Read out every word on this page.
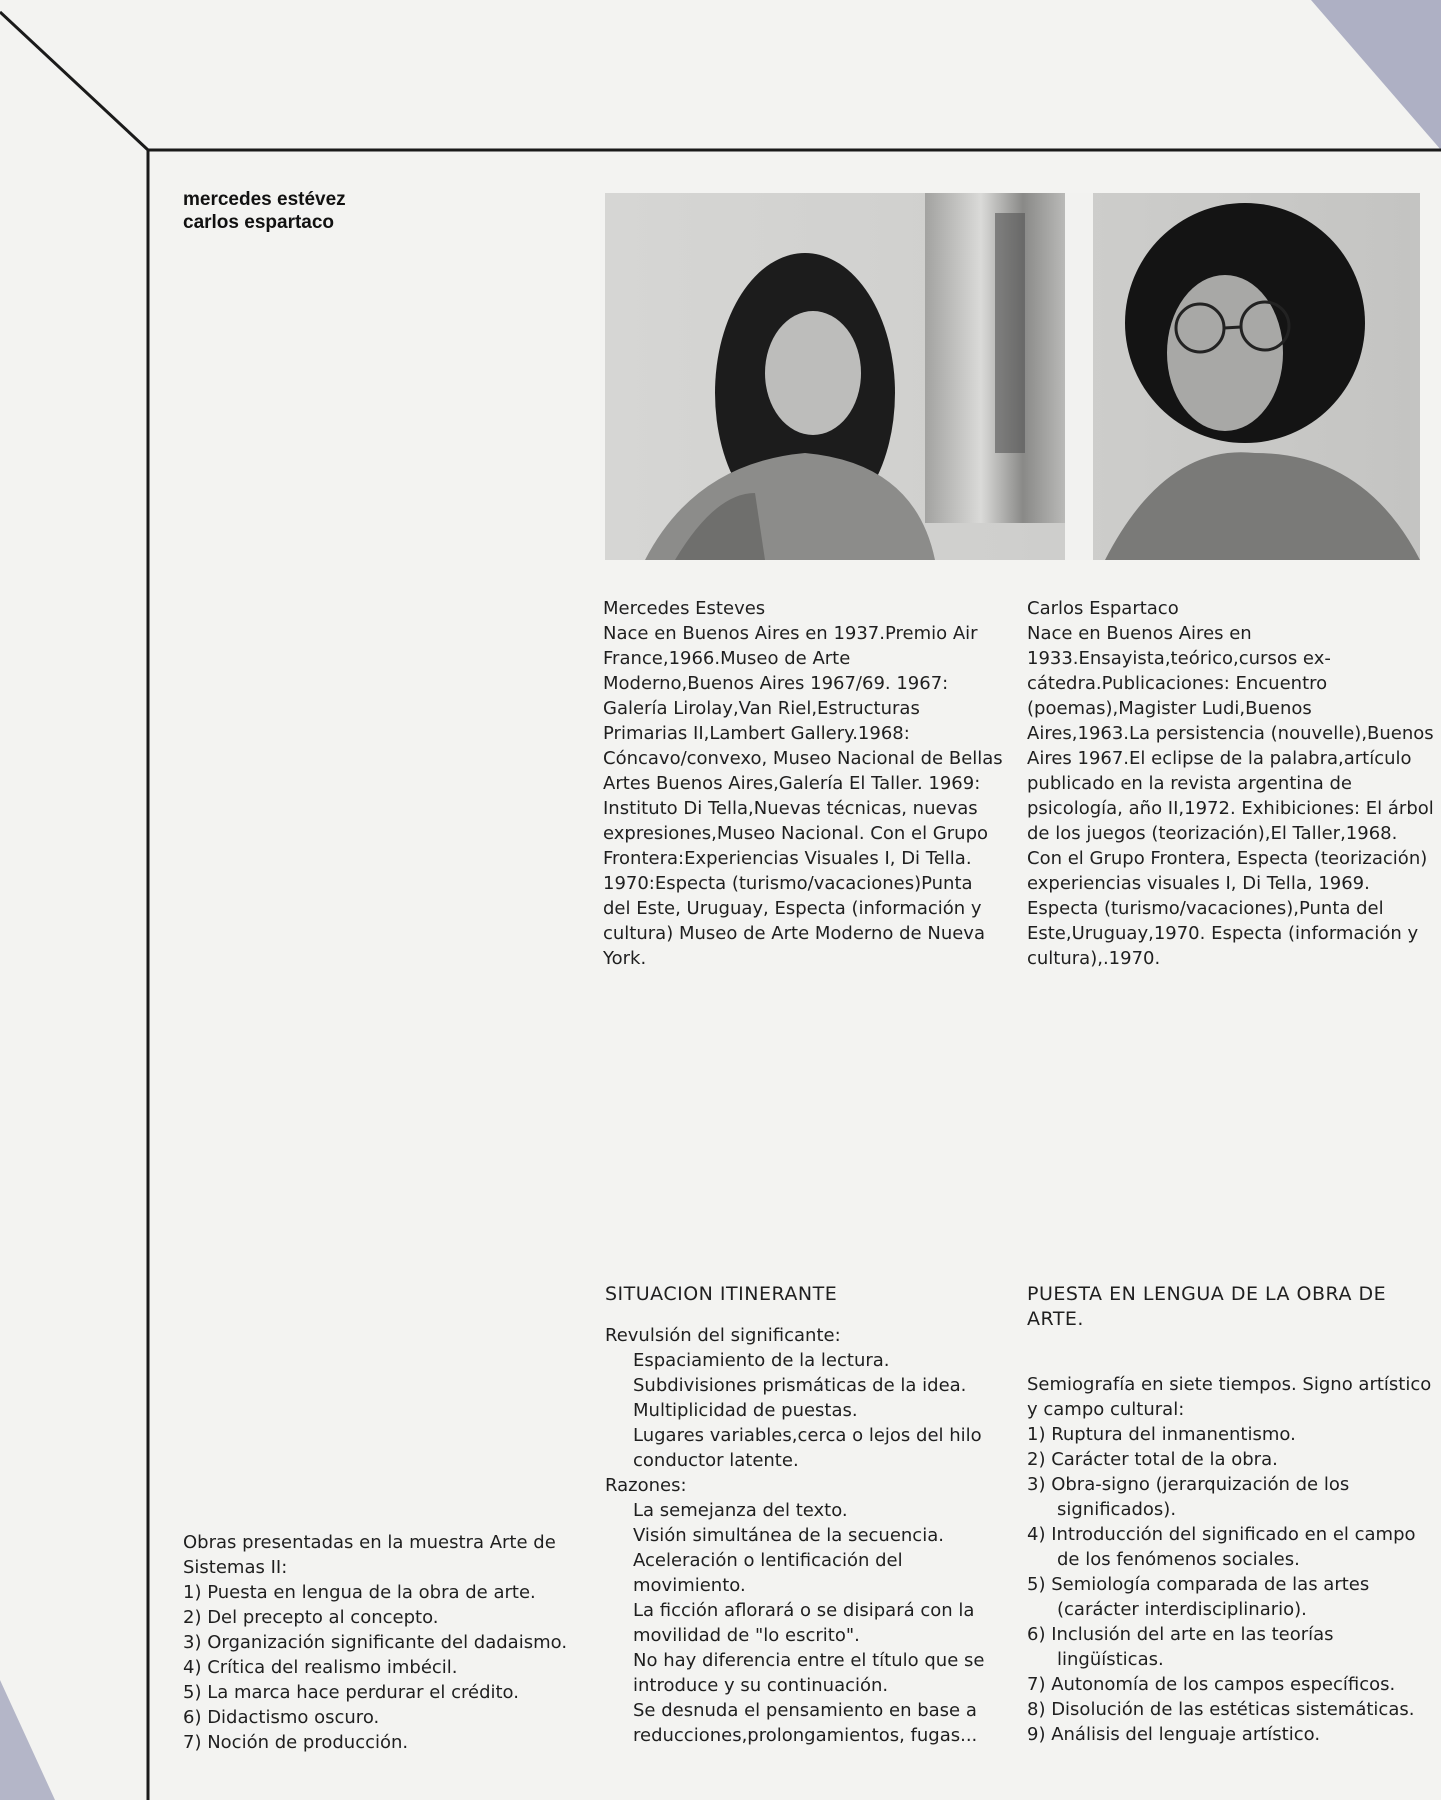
mercedes estévez
carlos espartaco

Mercedes Esteves

Nace en Buenos Aires en 1937.Premio Air France,1966.Museo de Arte Moderno,Buenos Aires 1967/69. 1967: Galería Lirolay,Van Riel,Estructuras Primarias II,Lambert Gallery.1968: Cóncavo/convexo, Museo Nacional de Bellas Artes Buenos Aires,Galería El Taller. 1969: Instituto Di Tella,Nuevas técnicas, nuevas expresiones,Museo Nacional. Con el Grupo Frontera:Experiencias Visuales I, Di Tella. 1970:Especta (turismo/vacaciones)Punta del Este, Uruguay, Especta (información y cultura) Museo de Arte Moderno de Nueva York.

Carlos Espartaco

Nace en Buenos Aires en 1933.Ensayista,teórico,cursos ex-cátedra.Publicaciones: Encuentro (poemas),Magister Ludi,Buenos Aires,1963.La persistencia (nouvelle),Buenos Aires 1967.El eclipse de la palabra,artículo publicado en la revista argentina de psicología, año II,1972. Exhibiciones: El árbol de los juegos (teorización),El Taller,1968. Con el Grupo Frontera, Especta (teorización) experiencias visuales I, Di Tella, 1969. Especta (turismo/vacaciones),Punta del Este,Uruguay,1970. Especta (información y cultura),.1970.

SITUACION ITINERANTE

Revulsión del significante:

Espaciamiento de la lectura.

Subdivisiones prismáticas de la idea.

Multiplicidad de puestas.

Lugares variables,cerca o lejos del hilo conductor latente.

Razones:

La semejanza del texto.

Visión simultánea de la secuencia.

Aceleración o lentificación del movimiento.

La ficción aflorará o se disipará con la movilidad de "lo escrito".

No hay diferencia entre el título que se introduce y su continuación.

Se desnuda el pensamiento en base a reducciones,prolongamientos, fugas...

PUESTA EN LENGUA DE LA OBRA DE ARTE.

Semiografía en siete tiempos. Signo artístico y campo cultural:

1) Ruptura del inmanentismo.

2) Carácter total de la obra.

3) Obra-signo (jerarquización de los significados).

4) Introducción del significado en el campo de los fenómenos sociales.

5) Semiología comparada de las artes (carácter interdisciplinario).

6) Inclusión del arte en las teorías lingüísticas.

7) Autonomía de los campos específicos.

8) Disolución de las estéticas sistemáticas.

9) Análisis del lenguaje artístico.

Obras presentadas en la muestra Arte de Sistemas II:

1) Puesta en lengua de la obra de arte.

2) Del precepto al concepto.

3) Organización significante del dadaismo.

4) Crítica del realismo imbécil.

5) La marca hace perdurar el crédito.

6) Didactismo oscuro.

7) Noción de producción.
